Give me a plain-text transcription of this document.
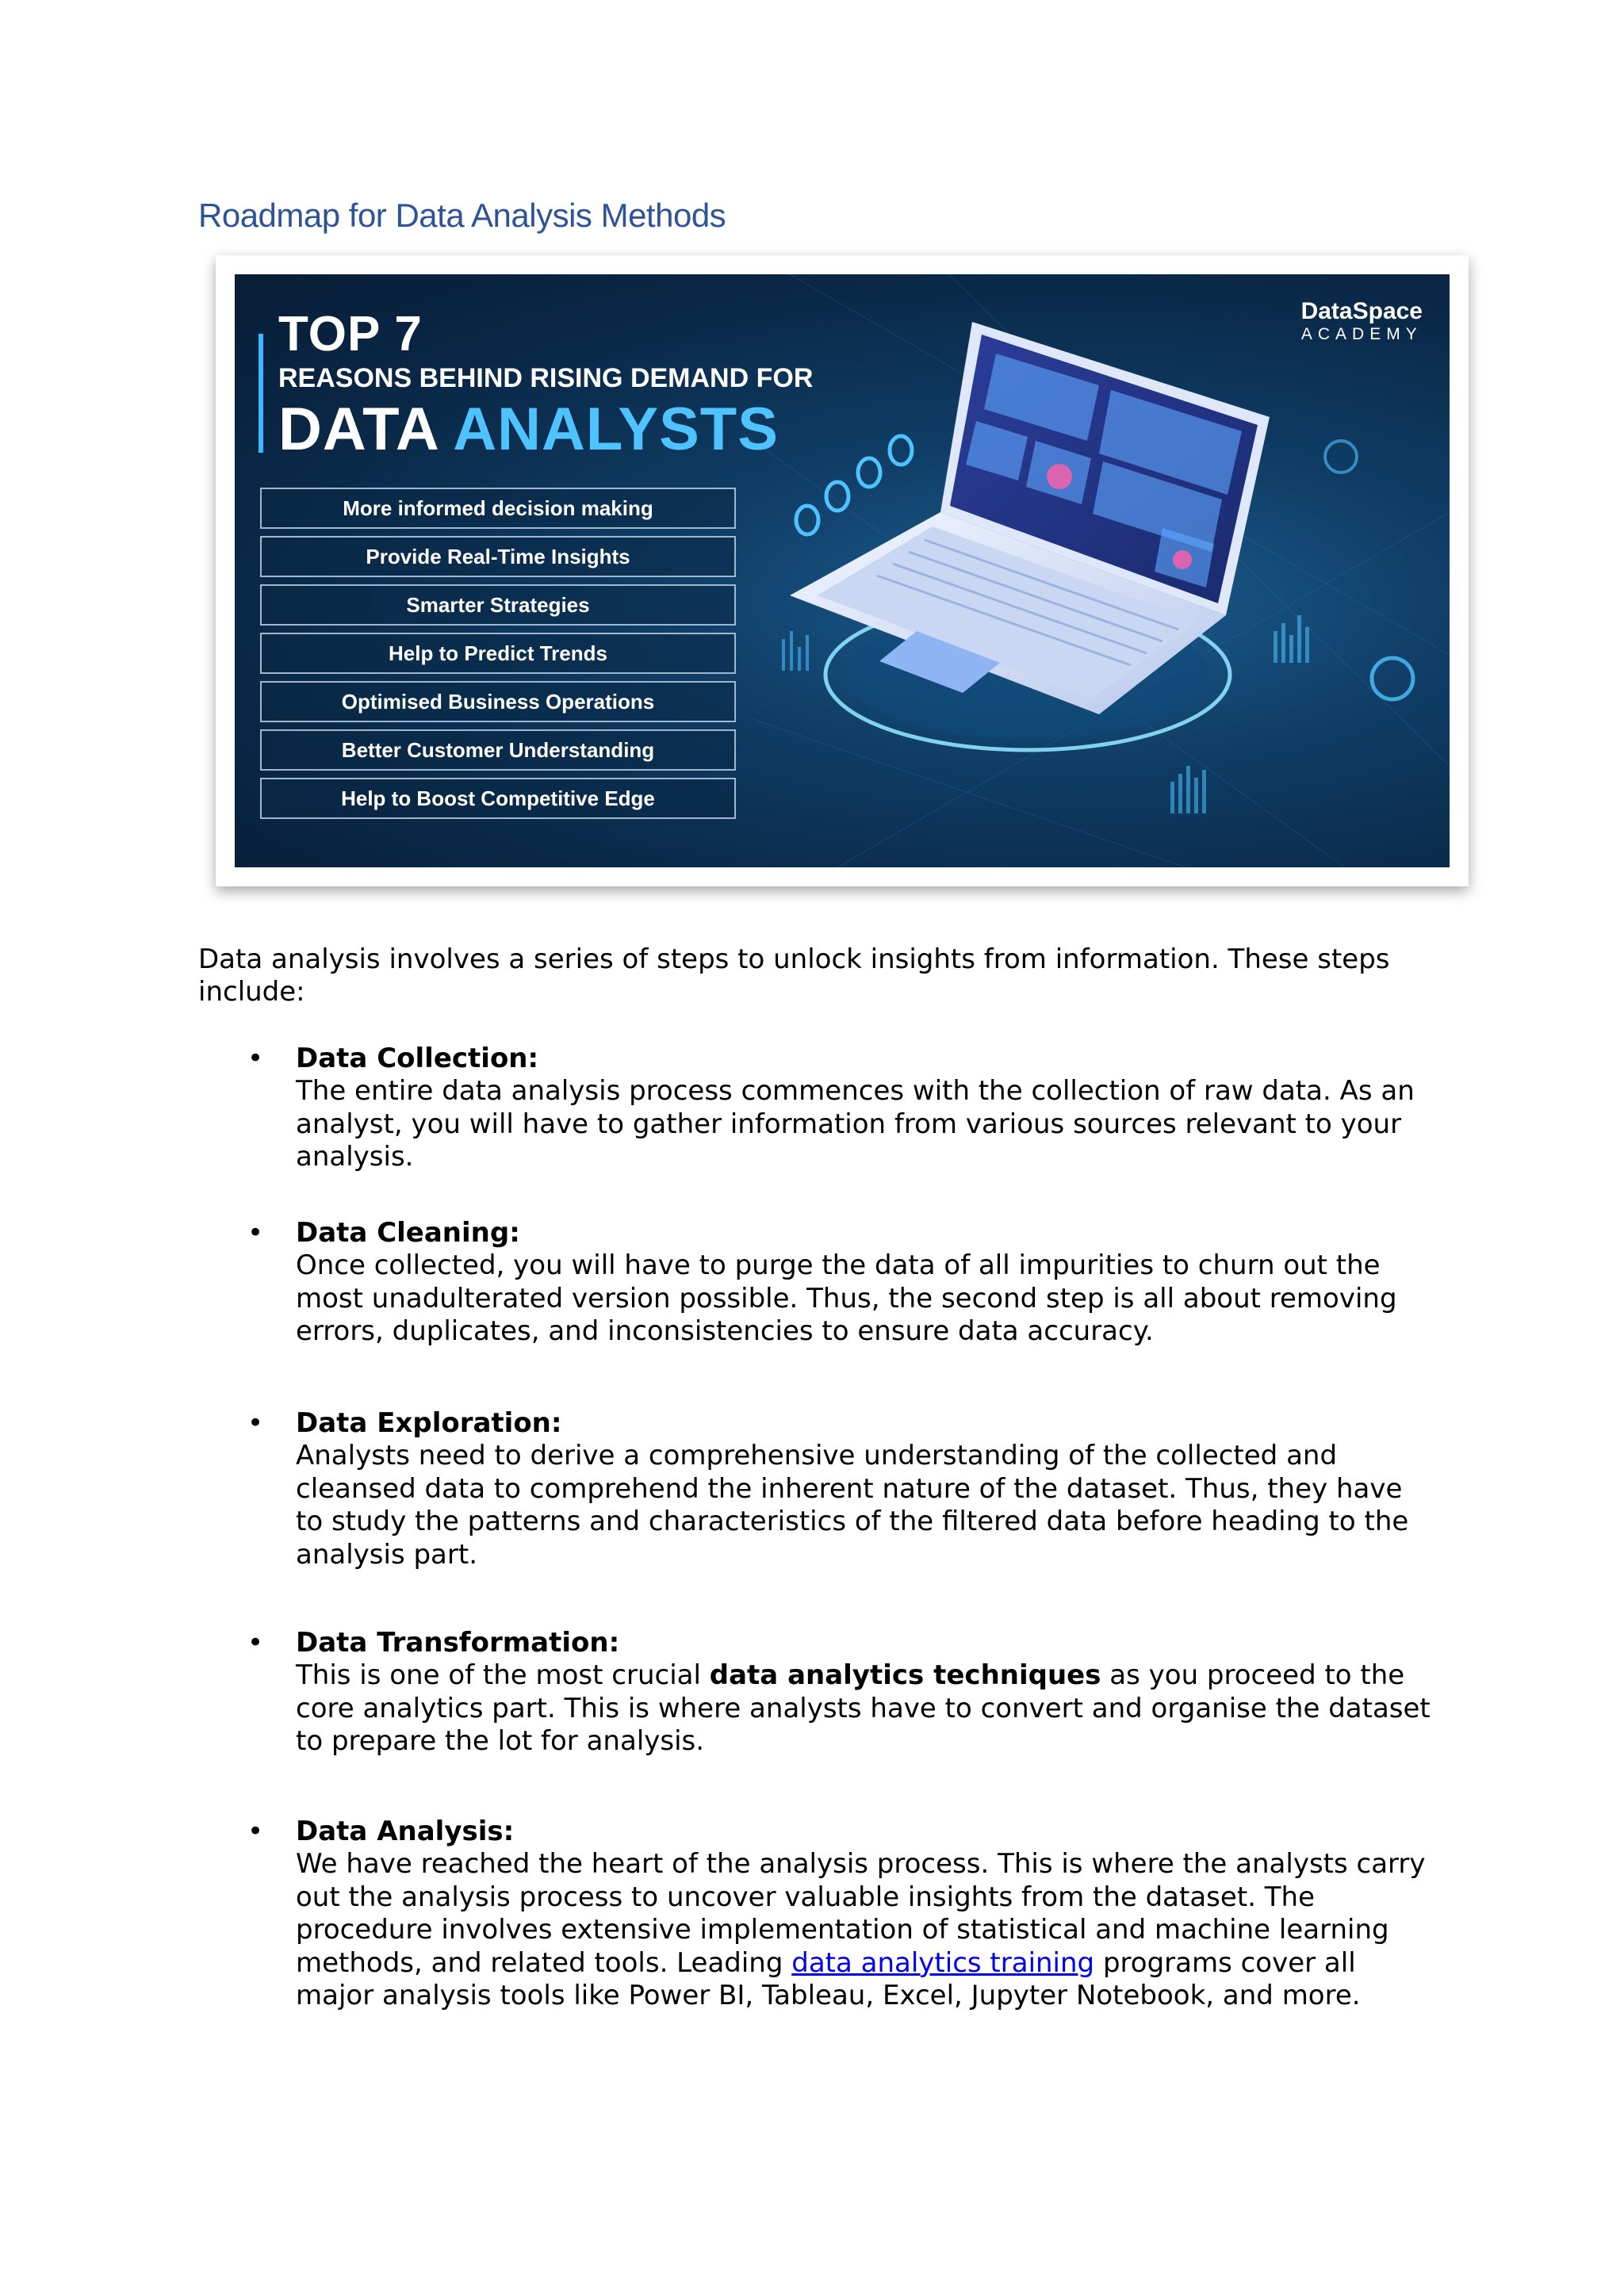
Roadmap for Data Analysis Methods
TOP 7
REASONS BEHIND RISING DEMAND FOR
DATA ANALYSTS
More informed decision making
Provide Real-Time Insights
Smarter Strategies
Help to Predict Trends
Optimised Business Operations
Better Customer Understanding
Help to Boost Competitive Edge
DataSpace
ACADEMY

Data analysis involves a series of steps to unlock insights from information. These steps include:

• Data Collection:

The entire data analysis process commences with the collection of raw data. As an analyst, you will have to gather information from various sources relevant to your analysis.

• Data Cleaning:

Once collected, you will have to purge the data of all impurities to churn out the most unadulterated version possible. Thus, the second step is all about removing errors, duplicates, and inconsistencies to ensure data accuracy.

• Data Exploration:

Analysts need to derive a comprehensive understanding of the collected and cleansed data to comprehend the inherent nature of the dataset. Thus, they have to study the patterns and characteristics of the filtered data before heading to the analysis part.

• Data Transformation:

This is one of the most crucial data analytics techniques as you proceed to the core analytics part. This is where analysts have to convert and organise the dataset to prepare the lot for analysis.

• Data Analysis:

We have reached the heart of the analysis process. This is where the analysts carry out the analysis process to uncover valuable insights from the dataset. The procedure involves extensive implementation of statistical and machine learning methods, and related tools. Leading data analytics training programs cover all major analysis tools like Power BI, Tableau, Excel, Jupyter Notebook, and more.
